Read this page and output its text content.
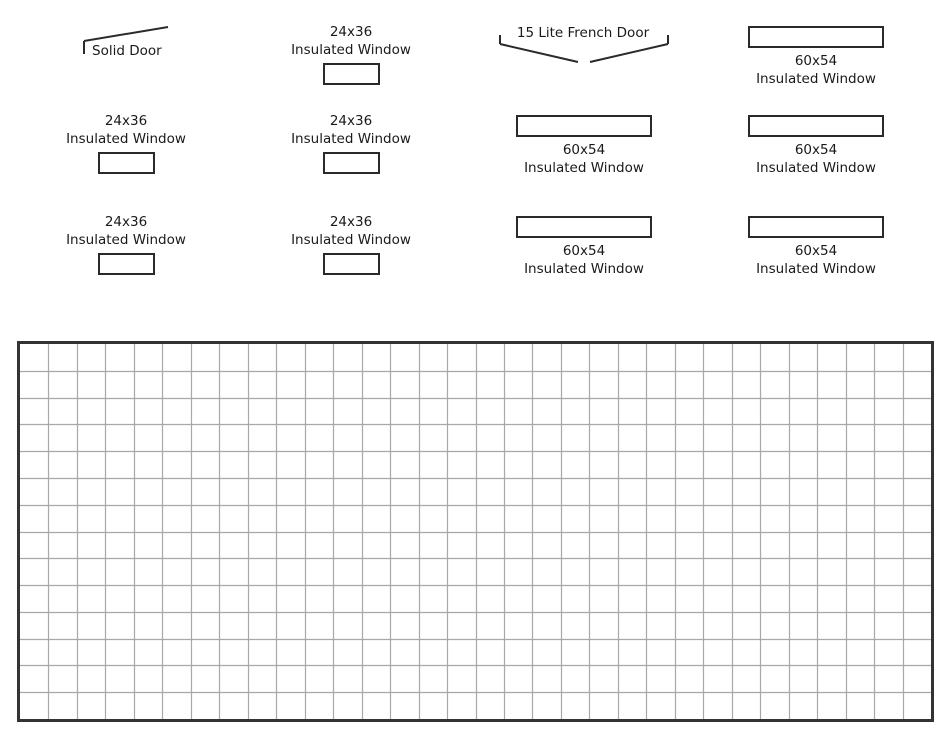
Solid Door
24x36
Insulated Window
15 Lite French Door
60x54
Insulated Window
24x36
Insulated Window
24x36
Insulated Window
60x54
Insulated Window
60x54
Insulated Window
24x36
Insulated Window
24x36
Insulated Window
60x54
Insulated Window
60x54
Insulated Window
